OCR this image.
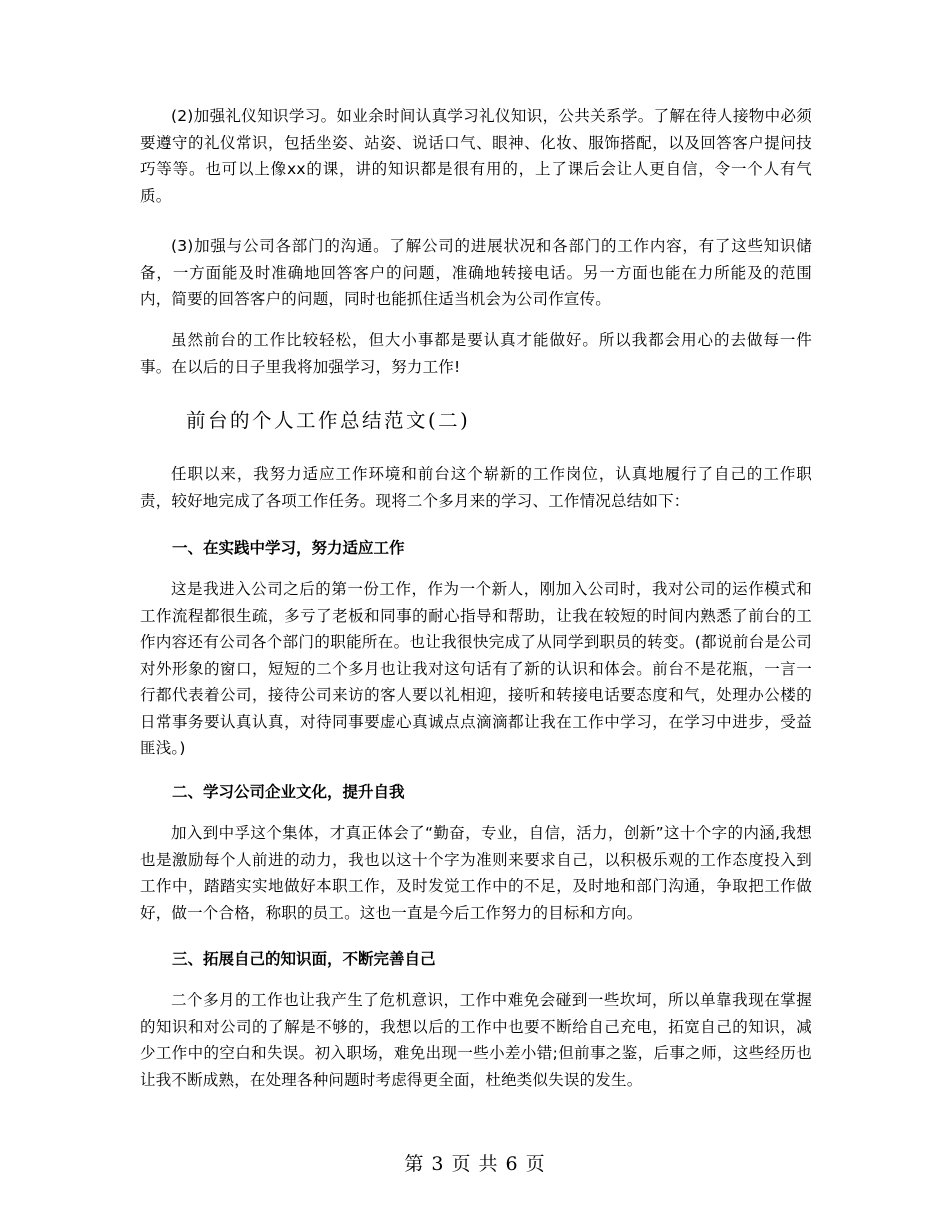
(2)加强礼仪知识学习。如业余时间认真学习礼仪知识，公共关系学。了解在待人接物中必须要遵守的礼仪常识，包括坐姿、站姿、说话口气、眼神、化妆、服饰搭配，以及回答客户提问技巧等等。也可以上像xx的课，讲的知识都是很有用的，上了课后会让人更自信，令一个人有气质。

(3)加强与公司各部门的沟通。了解公司的进展状况和各部门的工作内容，有了这些知识储备，一方面能及时准确地回答客户的问题，准确地转接电话。另一方面也能在力所能及的范围内，简要的回答客户的问题，同时也能抓住适当机会为公司作宣传。

虽然前台的工作比较轻松，但大小事都是要认真才能做好。所以我都会用心的去做每一件事。在以后的日子里我将加强学习，努力工作!

前台的个人工作总结范文(二)

任职以来，我努力适应工作环境和前台这个崭新的工作岗位，认真地履行了自己的工作职责，较好地完成了各项工作任务。现将二个多月来的学习、工作情况总结如下：

一、在实践中学习，努力适应工作

这是我进入公司之后的第一份工作，作为一个新人，刚加入公司时，我对公司的运作模式和工作流程都很生疏，多亏了老板和同事的耐心指导和帮助，让我在较短的时间内熟悉了前台的工作内容还有公司各个部门的职能所在。也让我很快完成了从同学到职员的转变。(都说前台是公司对外形象的窗口，短短的二个多月也让我对这句话有了新的认识和体会。前台不是花瓶，一言一行都代表着公司，接待公司来访的客人要以礼相迎，接听和转接电话要态度和气，处理办公楼的日常事务要认真认真，对待同事要虚心真诚点点滴滴都让我在工作中学习，在学习中进步，受益匪浅。)

二、学习公司企业文化，提升自我

加入到中孚这个集体，才真正体会了“勤奋，专业，自信，活力，创新”这十个字的内涵,我想也是激励每个人前进的动力，我也以这十个字为准则来要求自己，以积极乐观的工作态度投入到工作中，踏踏实实地做好本职工作，及时发觉工作中的不足，及时地和部门沟通，争取把工作做好，做一个合格，称职的员工。这也一直是今后工作努力的目标和方向。

三、拓展自己的知识面，不断完善自己

二个多月的工作也让我产生了危机意识，工作中难免会碰到一些坎坷，所以单靠我现在掌握的知识和对公司的了解是不够的，我想以后的工作中也要不断给自己充电，拓宽自己的知识，减少工作中的空白和失误。初入职场，难免出现一些小差小错;但前事之鉴，后事之师，这些经历也让我不断成熟，在处理各种问题时考虑得更全面，杜绝类似失误的发生。

第 3 页 共 6 页
